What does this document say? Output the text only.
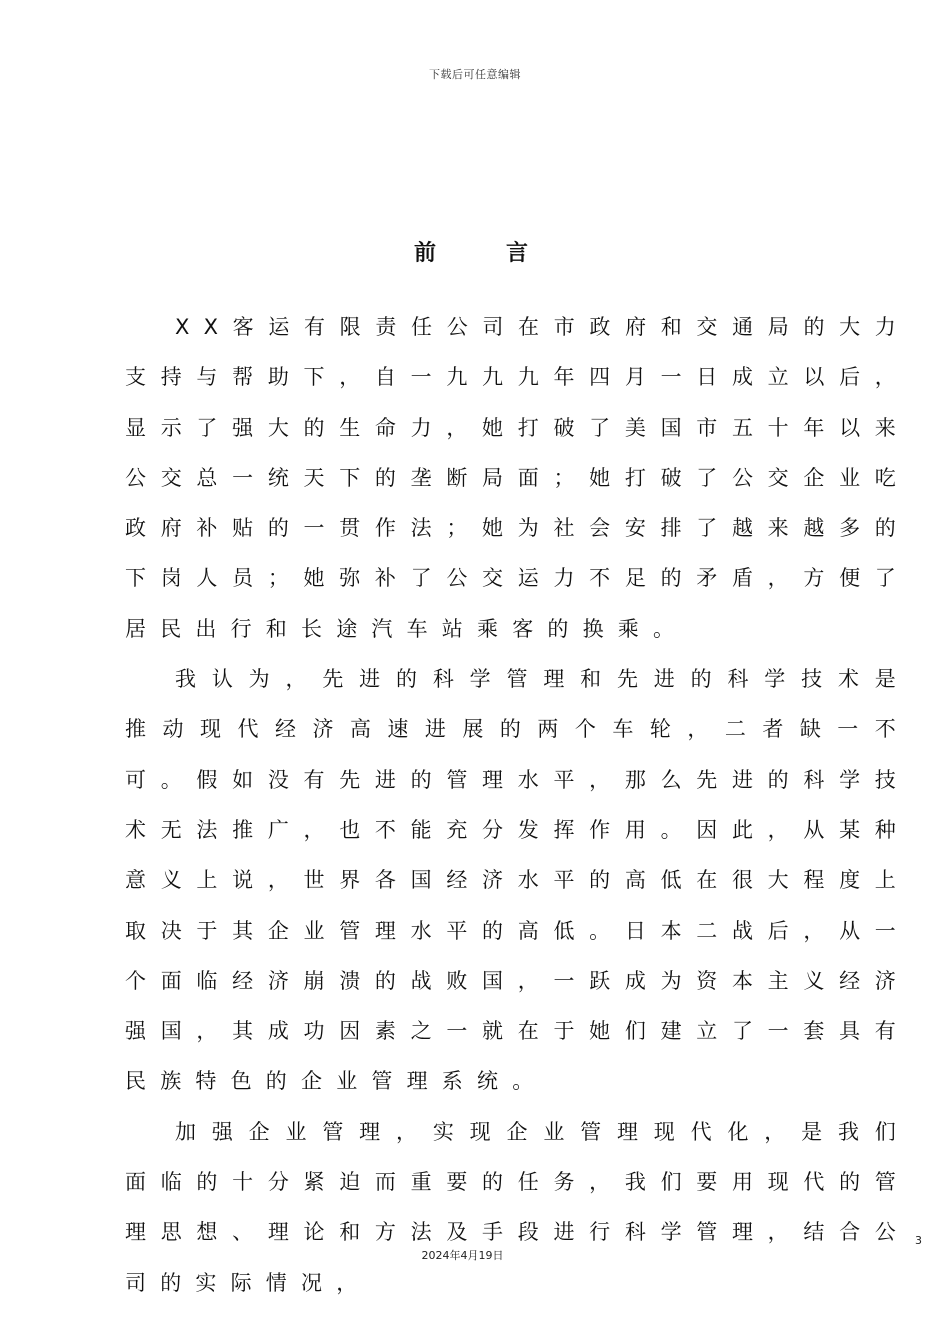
下载后可任意编辑
前言

XX客运有限责任公司在市政府和交通局的大力支持与帮助下，自一九九九年四月一日成立以后，显示了强大的生命力，她打破了美国市五十年以来公交总一统天下的垄断局面；她打破了公交企业吃政府补贴的一贯作法；她为社会安排了越来越多的下岗人员；她弥补了公交运力不足的矛盾，方便了居民出行和长途汽车站乘客的换乘。

我认为，先进的科学管理和先进的科学技术是推动现代经济高速进展的两个车轮，二者缺一不可。假如没有先进的管理水平，那么先进的科学技术无法推广，也不能充分发挥作用。因此，从某种意义上说，世界各国经济水平的高低在很大程度上取决于其企业管理水平的高低。日本二战后，从一个面临经济崩溃的战败国，一跃成为资本主义经济强国，其成功因素之一就在于她们建立了一套具有民族特色的企业管理系统。

加强企业管理，实现企业管理现代化，是我们面临的十分紧迫而重要的任务，我们要用现代的管理思想、理论和方法及手段进行科学管理，结合公司的实际情况，

3
2024年4月19日
